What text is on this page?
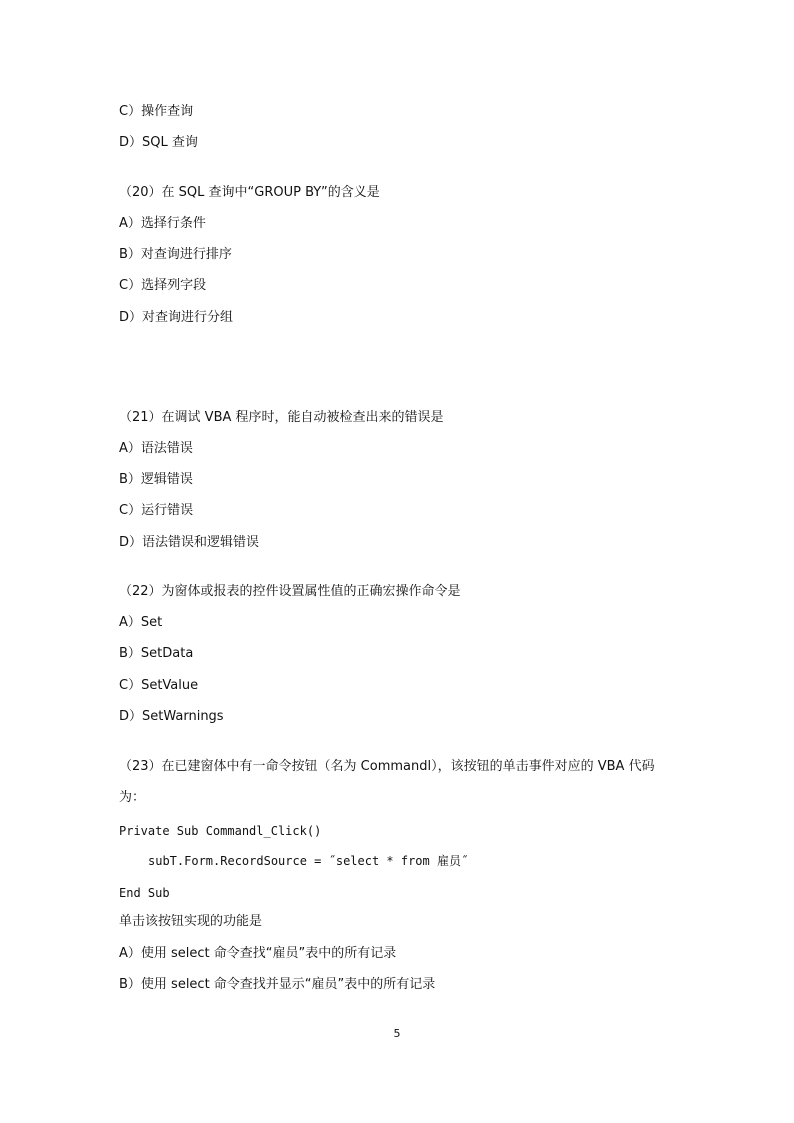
C）操作查询

D）SQL 查询

（20）在 SQL 查询中“GROUP BY”的含义是

A）选择行条件

B）对查询进行排序

C）选择列字段

D）对查询进行分组

（21）在调试 VBA 程序时，能自动被检查出来的错误是

A）语法错误

B）逻辑错误

C）运行错误

D）语法错误和逻辑错误

（22）为窗体或报表的控件设置属性值的正确宏操作命令是

A）Set

B）SetData

C）SetValue

D）SetWarnings

（23）在已建窗体中有一命令按钮（名为 Commandl），该按钮的单击事件对应的 VBA 代码

为：

Private Sub Commandl_Click()

subT.Form.RecordSource = ˝select * from 雇员˝

End Sub

单击该按钮实现的功能是

A）使用 select 命令查找“雇员”表中的所有记录

B）使用 select 命令查找并显示“雇员”表中的所有记录

5
